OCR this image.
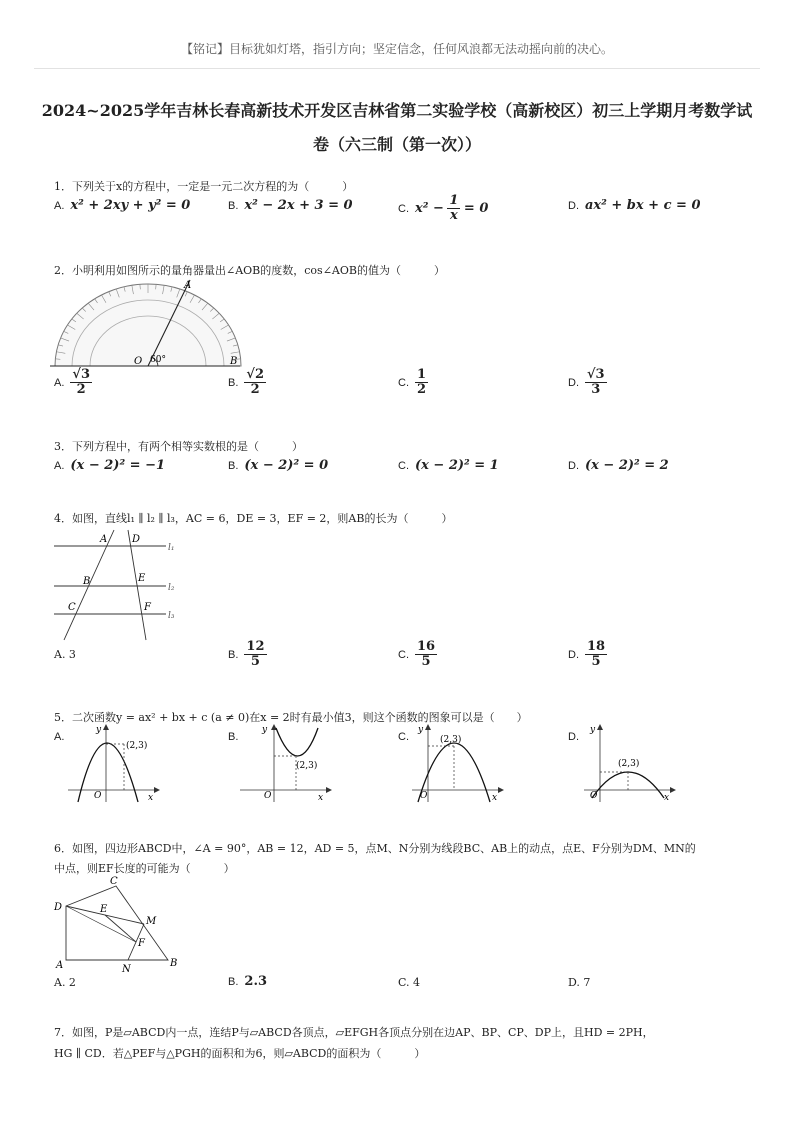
【铭记】目标犹如灯塔，指引方向；坚定信念，任何风浪都无法动摇向前的决心。
2024~2025学年吉林长春高新技术开发区吉林省第二实验学校（高新校区）初三上学期月考数学试
卷（六三制（第一次））
1．下列关于x的方程中，一定是一元二次方程的为（　　　）
A. x² + 2xy + y² = 0	B. x² − 2x + 3 = 0	C. $x^2 - \frac{1}{x} = 0$	D. ax² + bx + c = 0
2．小明利用如图所示的量角器量出∠AOB的度数，cos∠AOB的值为（　　　）
A
O	B
60°
A. $\frac{√3}{2}$	B. $\frac{√2}{2}$	C. $\frac{1}{2}$	D. $\frac{√3}{3}$
3．下列方程中，有两个相等实数根的是（　　　）
A. (x − 2)² = −1	B. (x − 2)² = 0	C. (x − 2)² = 1	D. (x − 2)² = 2
4．如图，直线l₁ ∥ l₂ ∥ l₃，AC = 6，DE = 3，EF = 2，则AB的长为（　　　）
A D
B	E
C	F
l₁
l₂
l₃
A. 3	B. $\frac{12}{5}$	C. $\frac{16}{5}$	D. $\frac{18}{5}$
5．二次函数y = ax² + bx + c (a ≠ 0)在x = 2时有最小值3，则这个函数的图象可以是（　　）
A.
(2,3)
O	x
y
B.
(2,3)
O	x
y
C.	(2,3)
O	x
y
D.
(2,3)
O	x
y
6．如图，四边形ABCD中，∠A = 90°，AB = 12，AD = 5，点M、N分别为线段BC、AB上的动点，点E、F分别为DM、MN的
中点，则EF长度的可能为（　　　）
C
D	E
M
F
A	N
B
A. 2	B. 2.3	C. 4	D. 7
7．如图，P是▱ABCD内一点，连结P与▱ABCD各顶点，▱EFGH各顶点分别在边AP、BP、CP、DP上，且HD = 2PH，
HG ∥ CD．若△PEF与△PGH的面积和为6，则▱ABCD的面积为（　　　）
